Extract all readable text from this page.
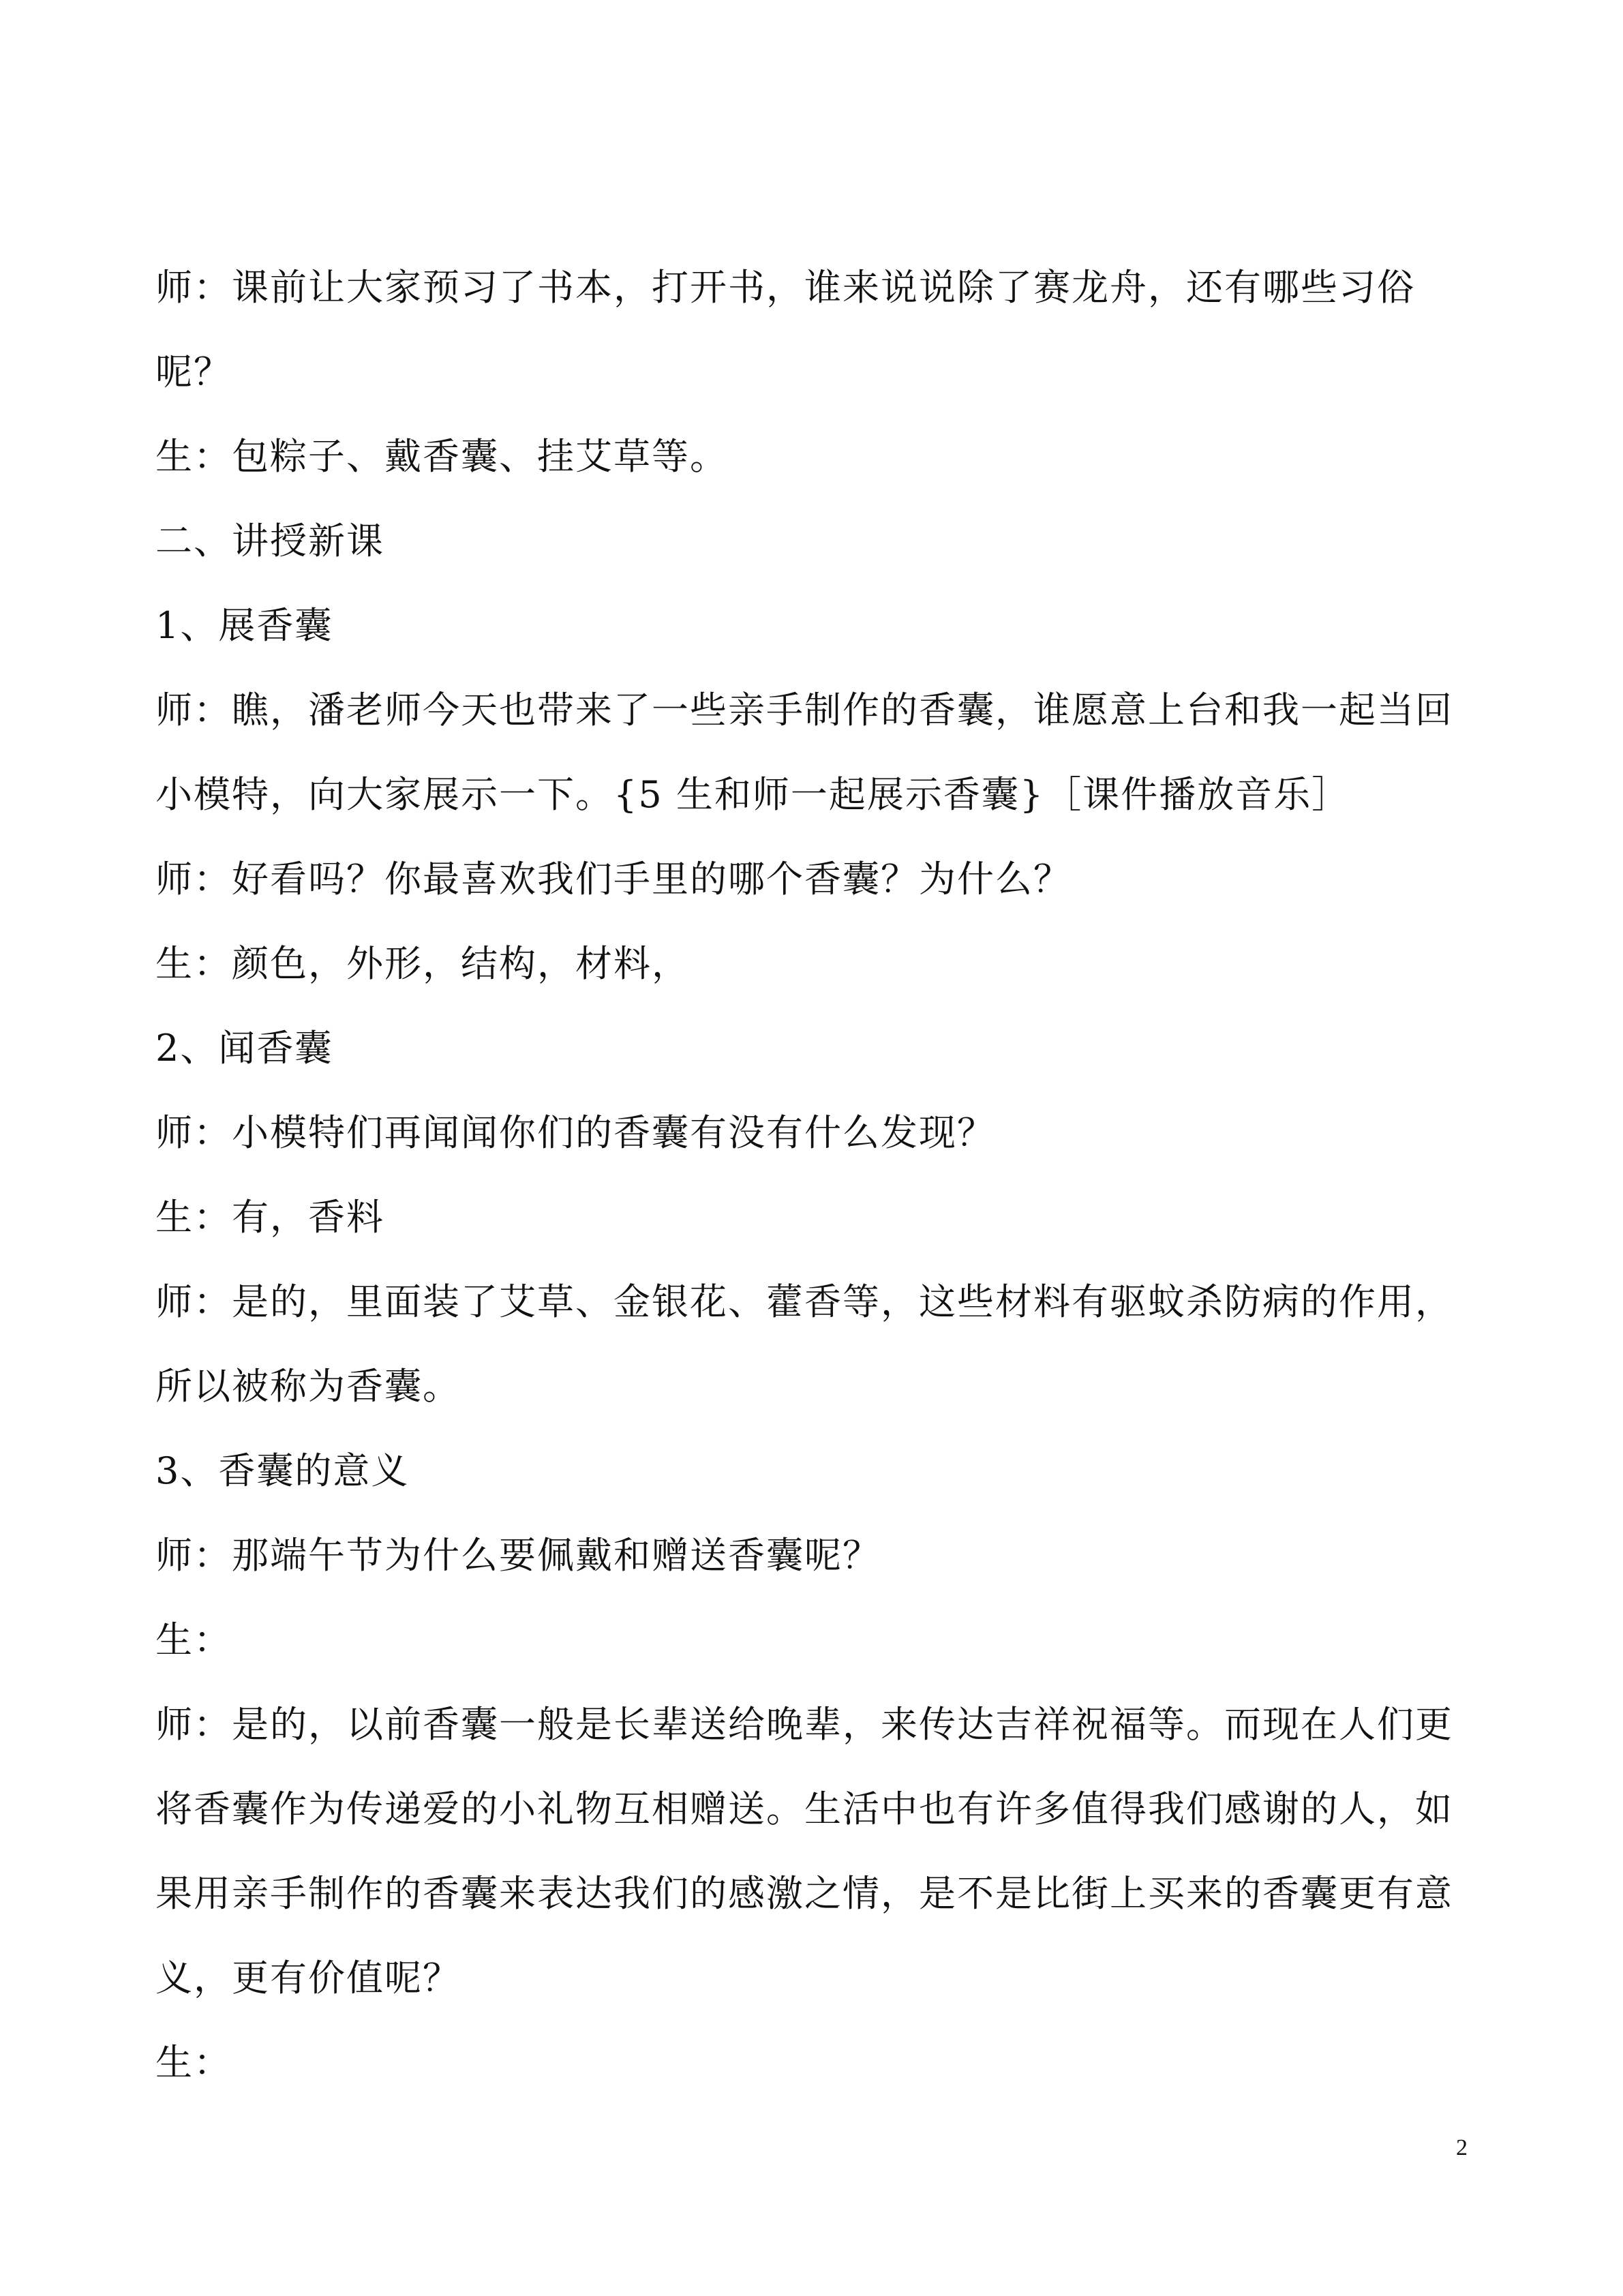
师：课前让大家预习了书本，打开书，谁来说说除了赛龙舟，还有哪些习俗
呢？
生：包粽子、戴香囊、挂艾草等。
二、讲授新课
1、展香囊
师：瞧，潘老师今天也带来了一些亲手制作的香囊，谁愿意上台和我一起当回
小模特，向大家展示一下。{5 生和师一起展示香囊}［课件播放音乐］
师：好看吗？你最喜欢我们手里的哪个香囊？为什么？
生：颜色，外形，结构，材料，
2、闻香囊
师：小模特们再闻闻你们的香囊有没有什么发现？
生：有，香料
师：是的，里面装了艾草、金银花、藿香等，这些材料有驱蚊杀防病的作用，
所以被称为香囊。
3、香囊的意义
师：那端午节为什么要佩戴和赠送香囊呢？
生：
师：是的，以前香囊一般是长辈送给晚辈，来传达吉祥祝福等。而现在人们更
将香囊作为传递爱的小礼物互相赠送。生活中也有许多值得我们感谢的人，如
果用亲手制作的香囊来表达我们的感激之情，是不是比街上买来的香囊更有意
义，更有价值呢？
生：
2
